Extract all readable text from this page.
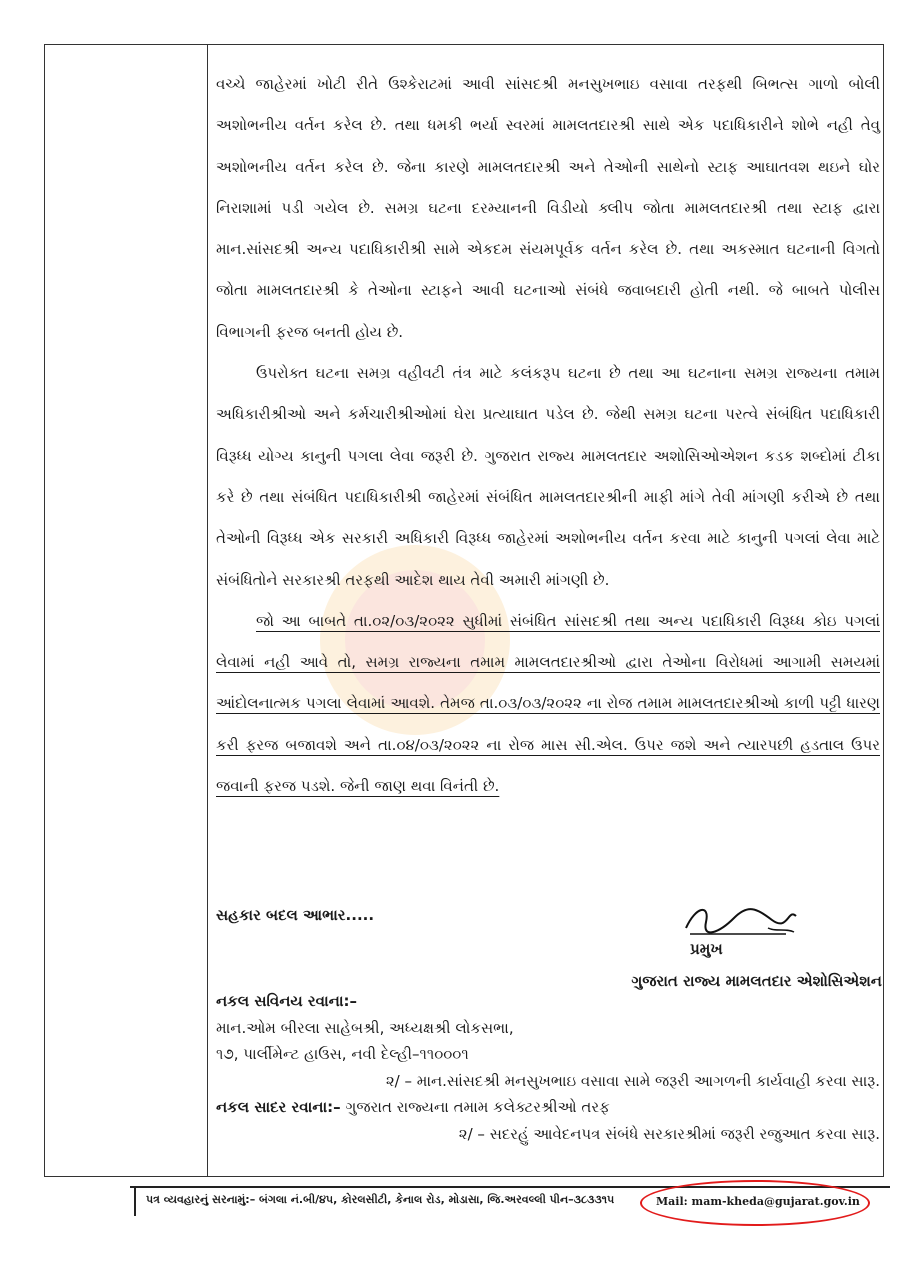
વચ્ચે જાહેરમાં ખોટી રીતે ઉશ્કેરાટમાં આવી સાંસદશ્રી મનસુખભાઇ વસાવા તરફથી બિભત્સ ગાળો બોલી અશોભનીય વર્તન કરેલ છે. તથા ધમકી ભર્યા સ્વરમાં મામલતદારશ્રી સાથે એક પદાધિકારીને શોભે નહી તેવુ અશોભનીય વર્તન કરેલ છે. જેના કારણે મામલતદારશ્રી અને તેઓની સાથેનો સ્ટાફ આઘાતવશ થઇને ઘોર નિરાશામાં પડી ગયેલ છે. સમગ્ર ઘટના દરમ્યાનની વિડીયો ક્લીપ જોતા મામલતદારશ્રી તથા સ્ટાફ દ્વારા માન.સાંસદશ્રી અન્ય પદાધિકારીશ્રી સામે એકદમ સંયમપૂર્વક વર્તન કરેલ છે. તથા અકસ્માત ઘટનાની વિગતો જોતા મામલતદારશ્રી કે તેઓના સ્ટાફને આવી ઘટનાઓ સંબંધે જવાબદારી હોતી નથી. જે બાબતે પોલીસ વિભાગની ફરજ બનતી હોય છે.

ઉપરોક્ત ઘટના સમગ્ર વહીવટી તંત્ર માટે કલંકરૂપ ઘટના છે તથા આ ઘટનાના સમગ્ર રાજ્યના તમામ અધિકારીશ્રીઓ અને કર્મચારીશ્રીઓમાં ઘેરા પ્રત્યાઘાત પડેલ છે. જેથી સમગ્ર ઘટના પરત્વે સંબંધિત પદાધિકારી વિરૂધ્ધ યોગ્ય કાનુની પગલા લેવા જરૂરી છે. ગુજરાત રાજ્ય મામલતદાર અશોસિઓએશન કડક શબ્દોમાં ટીકા કરે છે તથા સંબંધિત પદાધિકારીશ્રી જાહેરમાં સંબંધિત મામલતદારશ્રીની માફી માંગે તેવી માંગણી કરીએ છે તથા તેઓની વિરૂધ્ધ એક સરકારી અધિકારી વિરૂધ્ધ જાહેરમાં અશોભનીય વર્તન કરવા માટે કાનુની પગલાં લેવા માટે સંબંધિતોને સરકારશ્રી તરફથી આદેશ થાય તેવી અમારી માંગણી છે.

જો આ બાબતે તા.૦૨/૦૩/૨૦૨૨ સુધીમાં સંબંધિત સાંસદશ્રી તથા અન્ય પદાધિકારી વિરૂધ્ધ કોઇ પગલાં લેવામાં નહી આવે તો, સમગ્ર રાજ્યના તમામ મામલતદારશ્રીઓ દ્વારા તેઓના વિરોધમાં આગામી સમયમાં આંદોલનાત્મક પગલા લેવામાં આવશે. તેમજ તા.૦૩/૦૩/૨૦૨૨ ના રોજ તમામ મામલતદારશ્રીઓ કાળી પટ્ટી ધારણ કરી ફરજ બજાવશે અને તા.૦૪/૦૩/૨૦૨૨ ના રોજ માસ સી.એલ. ઉપર જશે અને ત્યારપછી હડતાલ ઉપર જવાની ફરજ પડશે. જેની જાણ થવા વિનંતી છે.

સહકાર બદલ આભાર.....
પ્રમુખ
ગુજરાત રાજ્ય મામલતદાર એશોસિએશન
નકલ સવિનય રવાના:–
માન.ઓમ બીરલા સાહેબશ્રી, અધ્યક્ષશ્રી લોકસભા,
૧૭, પાર્લીમેન્ટ હાઉસ, નવી દેલ્હી–૧૧૦૦૦૧
૨/ – માન.સાંસદશ્રી મનસુખભાઇ વસાવા સામે જરૂરી આગળની કાર્યવાહી કરવા સારૂ.
નકલ સાદર રવાના:– ગુજરાત રાજ્યના તમામ કલેક્ટરશ્રીઓ તરફ
૨/ – સદરહું આવેદનપત્ર સંબંધે સરકારશ્રીમાં જરૂરી રજુઆત કરવા સારૂ.
પત્ર વ્યવહારનું સરનામું:– બંગલા નં.બી/૪૫, કોરલસીટી, કેનાલ રોડ, મોડાસા, જિ.અરવલ્લી પીન–૩૮૩૩૧૫	Mail: mam-kheda@gujarat.gov.in
